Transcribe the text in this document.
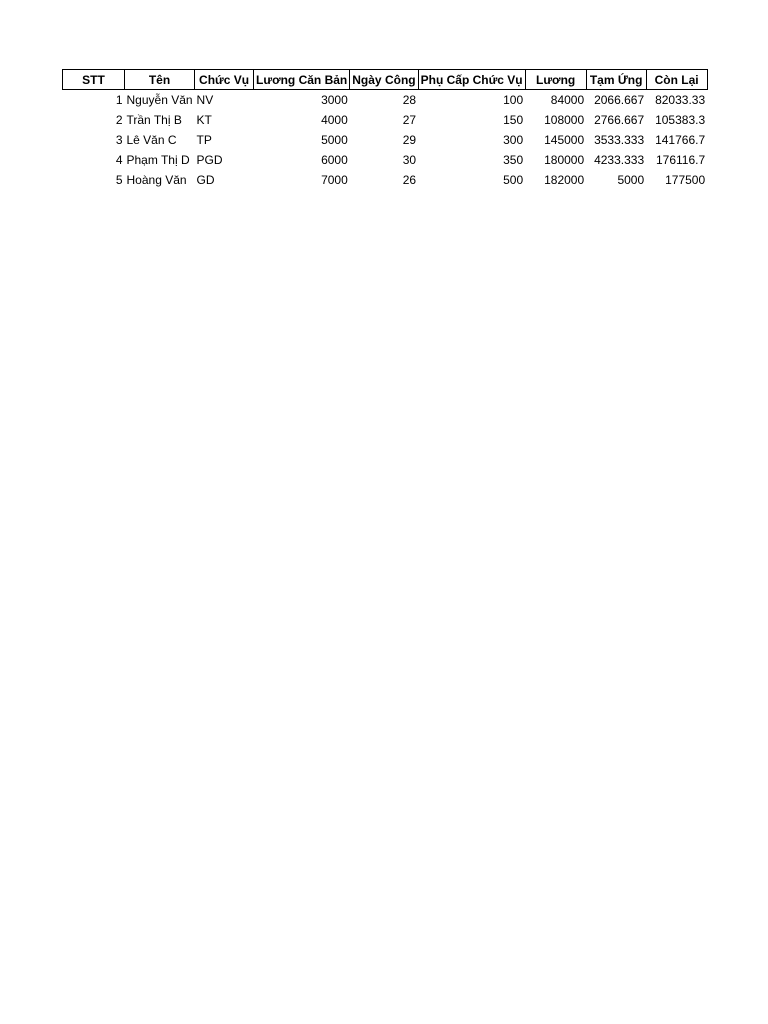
STT	Tên	Chức Vụ	Lương Căn Bản	Ngày Công	Phụ Cấp Chức Vụ	Lương	Tạm Ứng	Còn Lại

1	Nguyễn Văn	NV	3000	28	100	84000	2066.667	82033.33
2	Trần Thị B	KT	4000	27	150	108000	2766.667	105383.3
3	Lê Văn C	TP	5000	29	300	145000	3533.333	141766.7
4	Phạm Thị D	PGD	6000	30	350	180000	4233.333	176116.7
5	Hoàng Văn	GD	7000	26	500	182000	5000	177500
